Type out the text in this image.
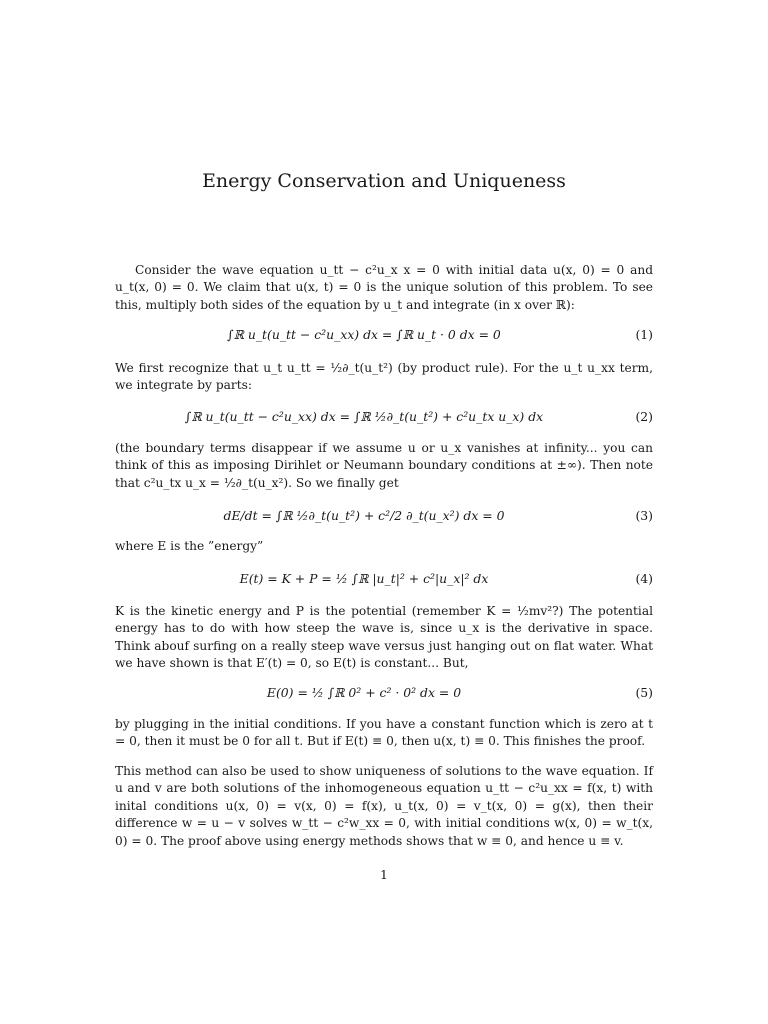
Energy Conservation and Uniqueness
Consider the wave equation u_tt − c²u_x x = 0 with initial data u(x, 0) = 0 and u_t(x, 0) = 0. We claim that u(x, t) = 0 is the unique solution of this problem. To see this, multiply both sides of the equation by u_t and integrate (in x over ℝ):
∫ℝ u_t(u_tt − c²u_xx) dx = ∫ℝ u_t · 0 dx = 0	(1)
We first recognize that u_t u_tt = ½∂_t(u_t²) (by product rule). For the u_t u_xx term, we integrate by parts:
∫ℝ u_t(u_tt − c²u_xx) dx = ∫ℝ ½∂_t(u_t²) + c²u_tx u_x) dx	(2)
(the boundary terms disappear if we assume u or u_x vanishes at infinity... you can think of this as imposing Dirihlet or Neumann boundary conditions at ±∞). Then note that c²u_tx u_x = ½∂_t(u_x²). So we finally get
dE/dt = ∫ℝ ½∂_t(u_t²) + c²/2 ∂_t(u_x²) dx = 0	(3)
where E is the ”energy”
E(t) = K + P = ½ ∫ℝ |u_t|² + c²|u_x|² dx	(4)
K is the kinetic energy and P is the potential (remember K = ½mv²?) The potential energy has to do with how steep the wave is, since u_x is the derivative in space. Think abouf surfing on a really steep wave versus just hanging out on flat water. What we have shown is that E′(t) = 0, so E(t) is constant... But,
E(0) = ½ ∫ℝ 0² + c² · 0² dx = 0	(5)
by plugging in the initial conditions. If you have a constant function which is zero at t = 0, then it must be 0 for all t. But if E(t) ≡ 0, then u(x, t) ≡ 0. This finishes the proof.
This method can also be used to show uniqueness of solutions to the wave equation. If u and v are both solutions of the inhomogeneous equation u_tt − c²u_xx = f(x, t) with inital conditions u(x, 0) = v(x, 0) = f(x), u_t(x, 0) = v_t(x, 0) = g(x), then their difference w = u − v solves w_tt − c²w_xx = 0, with initial conditions w(x, 0) = w_t(x, 0) = 0. The proof above using energy methods shows that w ≡ 0, and hence u ≡ v.
1
